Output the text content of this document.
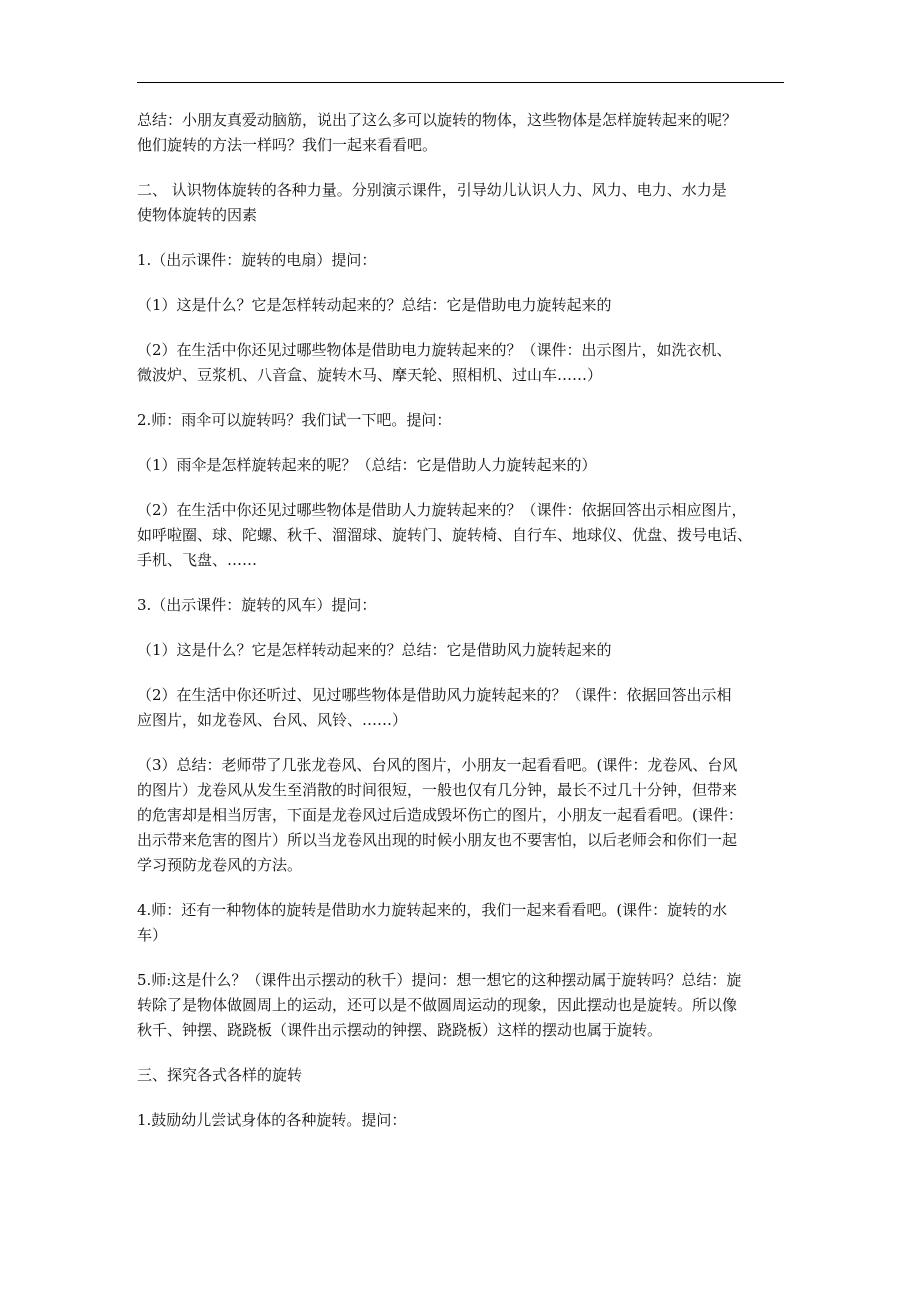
总结：小朋友真爱动脑筋，说出了这么多可以旋转的物体，这些物体是怎样旋转起来的呢？
他们旋转的方法一样吗？我们一起来看看吧。
二、 认识物体旋转的各种力量。分别演示课件，引导幼儿认识人力、风力、电力、水力是
使物体旋转的因素
1.（出示课件：旋转的电扇）提问：
（1）这是什么？它是怎样转动起来的？总结：它是借助电力旋转起来的
（2）在生活中你还见过哪些物体是借助电力旋转起来的？（课件：出示图片，如洗衣机、
微波炉、豆浆机、八音盒、旋转木马、摩天轮、照相机、过山车……）
2.师：雨伞可以旋转吗？我们试一下吧。提问：
（1）雨伞是怎样旋转起来的呢？（总结：它是借助人力旋转起来的）
（2）在生活中你还见过哪些物体是借助人力旋转起来的？（课件：依据回答出示相应图片，
如呼啦圈、球、陀螺、秋千、溜溜球、旋转门、旋转椅、自行车、地球仪、优盘、拨号电话、
手机、飞盘、……
3.（出示课件：旋转的风车）提问：
（1）这是什么？它是怎样转动起来的？总结：它是借助风力旋转起来的
（2）在生活中你还听过、见过哪些物体是借助风力旋转起来的？（课件：依据回答出示相
应图片，如龙卷风、台风、风铃、……）
（3）总结：老师带了几张龙卷风、台风的图片，小朋友一起看看吧。(课件：龙卷风、台风
的图片）龙卷风从发生至消散的时间很短，一般也仅有几分钟，最长不过几十分钟，但带来
的危害却是相当厉害，下面是龙卷风过后造成毁坏伤亡的图片，小朋友一起看看吧。(课件：
出示带来危害的图片）所以当龙卷风出现的时候小朋友也不要害怕，以后老师会和你们一起
学习预防龙卷风的方法。
4.师：还有一种物体的旋转是借助水力旋转起来的，我们一起来看看吧。(课件：旋转的水
车）
5.师:这是什么？（课件出示摆动的秋千）提问：想一想它的这种摆动属于旋转吗？总结：旋
转除了是物体做圆周上的运动，还可以是不做圆周运动的现象，因此摆动也是旋转。所以像
秋千、钟摆、跷跷板（课件出示摆动的钟摆、跷跷板）这样的摆动也属于旋转。
三、探究各式各样的旋转
1.鼓励幼儿尝试身体的各种旋转。提问：
